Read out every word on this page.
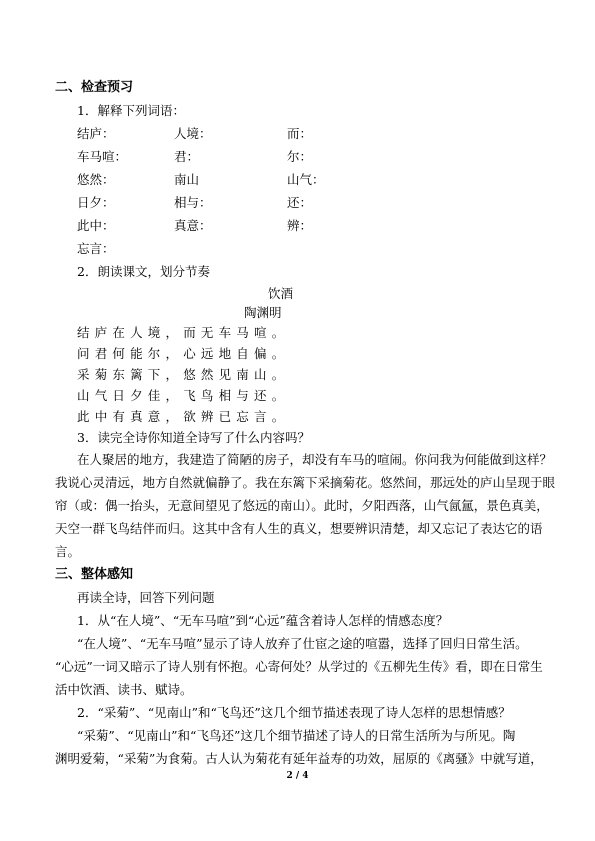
二、检查预习
1．解释下列词语：
结庐：	人境：	而：
车马喧：	君：	尔：
悠然：	南山	山气：
日夕：	相与：	还：
此中：	真意：	辨：
忘言：
2．朗读课文，划分节奏
饮酒
陶渊明
结庐在人境，而无车马喧。
问君何能尔，心远地自偏。
采菊东篱下，悠然见南山。
山气日夕佳，飞鸟相与还。
此中有真意，欲辨已忘言。
3．读完全诗你知道全诗写了什么内容吗？
在人聚居的地方，我建造了简陋的房子，却没有车马的喧闹。你问我为何能做到这样？
我说心灵清远，地方自然就偏静了。我在东篱下采摘菊花。悠然间，那远处的庐山呈现于眼
帘（或：偶一抬头，无意间望见了悠远的南山）。此时，夕阳西落，山气氤氲，景色真美，
天空一群飞鸟结伴而归。这其中含有人生的真义，想要辨识清楚，却又忘记了表达它的语
言。
三、整体感知
再读全诗，回答下列问题
1．从“在人境”、“无车马喧”到“心远”蕴含着诗人怎样的情感态度？
“在人境”、“无车马喧”显示了诗人放弃了仕宦之途的喧嚣，选择了回归日常生活。
“心远”一词又暗示了诗人别有怀抱。心寄何处？从学过的《五柳先生传》看，即在日常生
活中饮酒、读书、赋诗。
2．“采菊”、“见南山”和“飞鸟还”这几个细节描述表现了诗人怎样的思想情感？
“采菊”、“见南山”和“飞鸟还”这几个细节描述了诗人的日常生活所为与所见。陶
渊明爱菊，“采菊”为食菊。古人认为菊花有延年益寿的功效，屈原的《离骚》中就写道，
2 / 4
